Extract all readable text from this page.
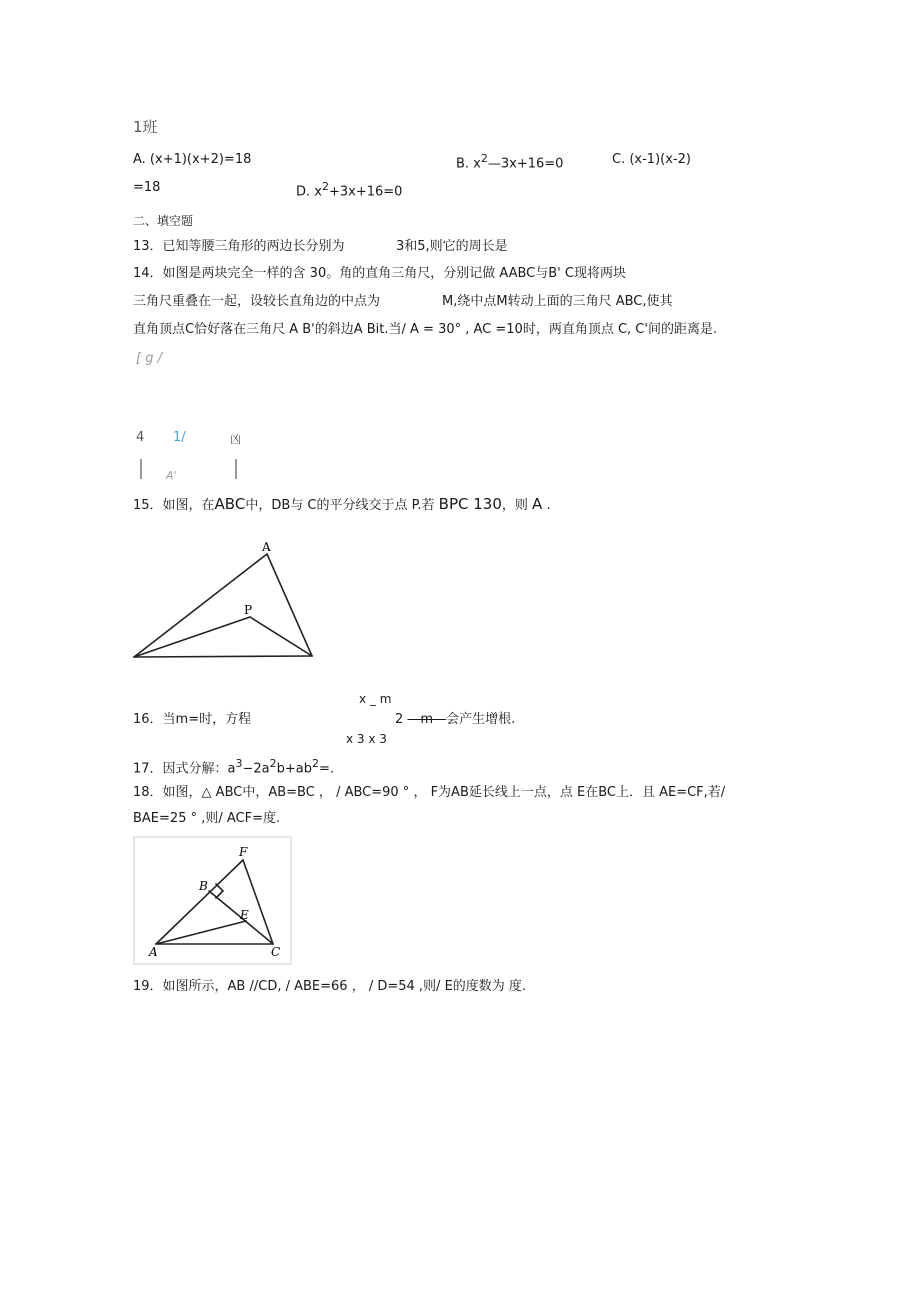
1班
A. (x+1)(x+2)=18	B. $x^2—3x+16=0$	C. (x-1)(x-2)
=18	D. $x^2+3x+16=0$
二、填空题
13．已知等腰三角形的两边长分别为	3和5,则它的周长是
14．如图是两块完全一样的含 30。角的直角三角尺，分别记做 AABC与B' C现将两块
三角尺重叠在一起，设较长直角边的中点为	M,绕中点M转动上面的三角尺 ABC,使其
直角顶点C恰好落在三角尺 A B'的斜边A Bit.当/ A = 30° , AC =10时，两直角顶点 C, C'间的距离是.
[ g /
4 1/	凶
A'
15．如图，在ABC中，DB与 C的平分线交于点 P.若 BPC 130，则 A .
A
P
x _ m
16．当m=时，方程	2 —m—会产生增根.
x 3 x 3
17．因式分解：$a^3-2a^2b+ab^2=$.
18．如图，△ ABC中，AB=BC ， / ABC=90 ° ， F为AB延长线上一点，点 E在BC上．且 AE=CF,若/
BAE=25 ° ,则/ ACF=度.
F
B
E
A	C
19．如图所示，AB //CD, / ABE=66 ， / D=54 ,则/ E的度数为 度.
